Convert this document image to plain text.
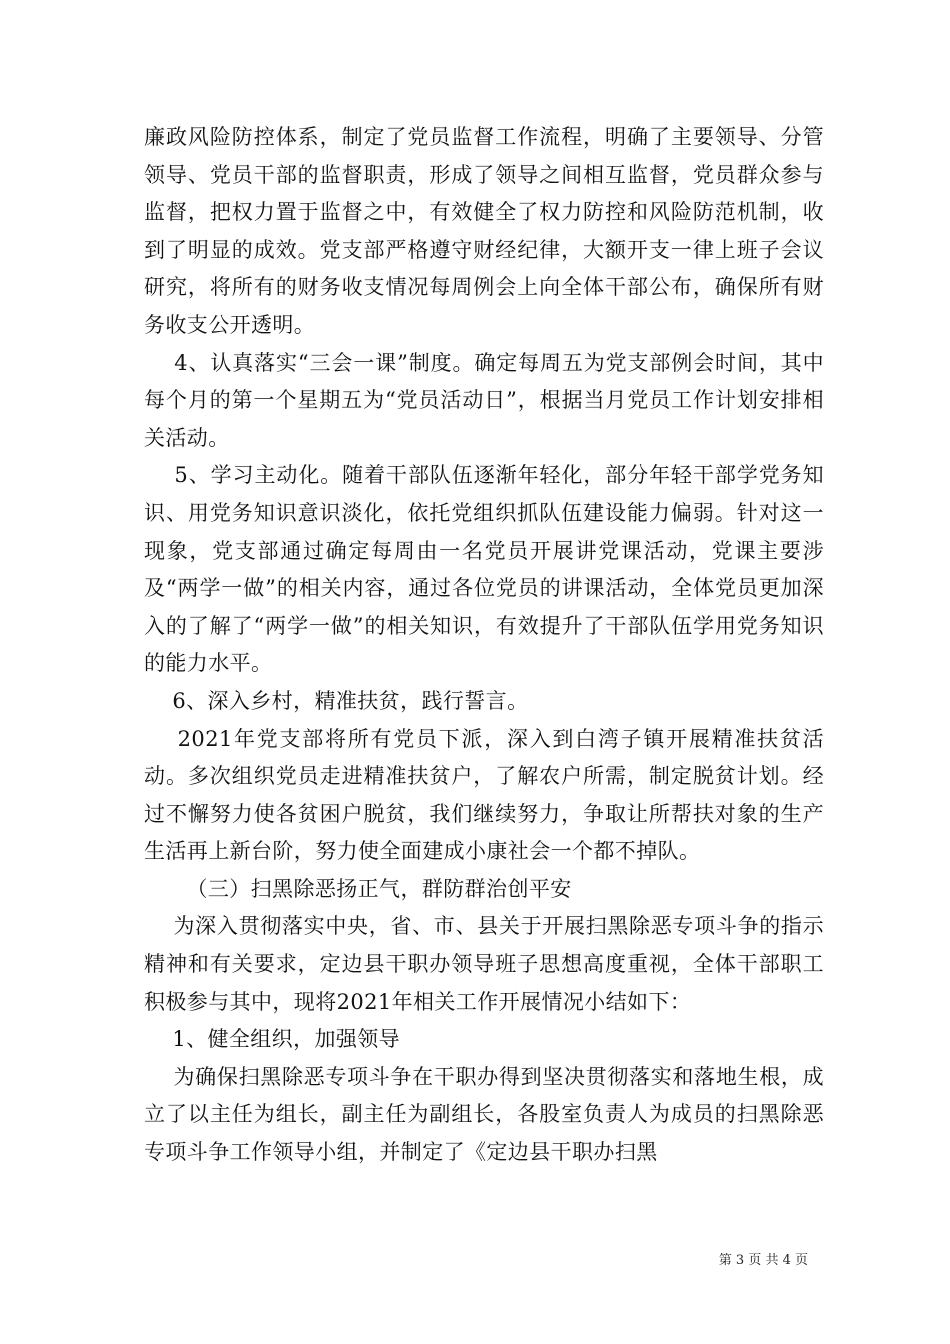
廉政风险防控体系，制定了党员监督工作流程，明确了主要领导、分管领导、党员干部的监督职责，形成了领导之间相互监督，党员群众参与监督，把权力置于监督之中，有效健全了权力防控和风险防范机制，收到了明显的成效。党支部严格遵守财经纪律，大额开支一律上班子会议研究，将所有的财务收支情况每周例会上向全体干部公布，确保所有财务收支公开透明。

4、认真落实“三会一课”制度。确定每周五为党支部例会时间，其中每个月的第一个星期五为“党员活动日”，根据当月党员工作计划安排相关活动。

5、学习主动化。随着干部队伍逐渐年轻化，部分年轻干部学党务知识、用党务知识意识淡化，依托党组织抓队伍建设能力偏弱。针对这一现象，党支部通过确定每周由一名党员开展讲党课活动，党课主要涉及“两学一做”的相关内容，通过各位党员的讲课活动，全体党员更加深入的了解了“两学一做”的相关知识，有效提升了干部队伍学用党务知识的能力水平。

6、深入乡村，精准扶贫，践行誓言。

2021年党支部将所有党员下派，深入到白湾子镇开展精准扶贫活动。多次组织党员走进精准扶贫户，了解农户所需，制定脱贫计划。经过不懈努力使各贫困户脱贫，我们继续努力，争取让所帮扶对象的生产生活再上新台阶，努力使全面建成小康社会一个都不掉队。

（三）扫黑除恶扬正气，群防群治创平安

为深入贯彻落实中央，省、市、县关于开展扫黑除恶专项斗争的指示精神和有关要求，定边县干职办领导班子思想高度重视，全体干部职工积极参与其中，现将2021年相关工作开展情况小结如下：

1、健全组织，加强领导

为确保扫黑除恶专项斗争在干职办得到坚决贯彻落实和落地生根，成立了以主任为组长，副主任为副组长，各股室负责人为成员的扫黑除恶专项斗争工作领导小组，并制定了《定边县干职办扫黑

第 3 页 共 4 页
